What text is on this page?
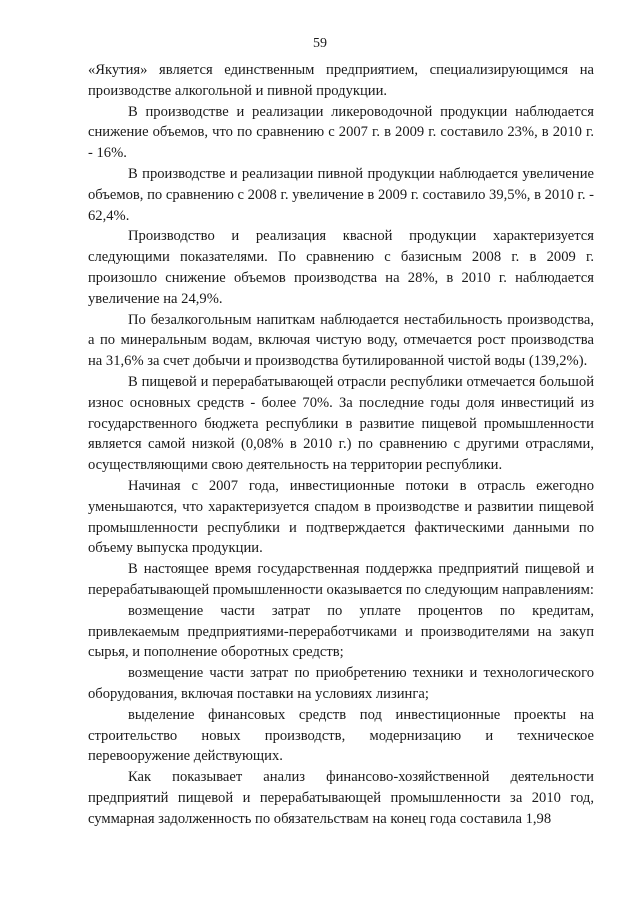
59

«Якутия» является единственным предприятием, специализирующимся на производстве алкогольной и пивной продукции.

В производстве и реализации ликероводочной продукции наблюдается снижение объемов, что по сравнению с 2007 г. в 2009 г. составило 23%, в 2010 г. - 16%.

В производстве и реализации пивной продукции наблюдается увеличение объемов, по сравнению с 2008 г. увеличение в 2009 г. составило 39,5%, в 2010 г. - 62,4%.

Производство и реализация квасной продукции характеризуется следующими показателями. По сравнению с базисным 2008 г. в 2009 г. произошло снижение объемов производства на 28%, в 2010 г. наблюдается увеличение на 24,9%.

По безалкогольным напиткам наблюдается нестабильность производства, а по минеральным водам, включая чистую воду, отмечается рост производства на 31,6% за счет добычи и производства бутилированной чистой воды (139,2%).

В пищевой и перерабатывающей отрасли республики отмечается большой износ основных средств - более 70%. За последние годы доля инвестиций из государственного бюджета республики в развитие пищевой промышленности является самой низкой (0,08% в 2010 г.) по сравнению с другими отраслями, осуществляющими свою деятельность на территории республики.

Начиная с 2007 года, инвестиционные потоки в отрасль ежегодно уменьшаются, что характеризуется спадом в производстве и развитии пищевой промышленности республики и подтверждается фактическими данными по объему выпуска продукции.

В настоящее время государственная поддержка предприятий пищевой и перерабатывающей промышленности оказывается по следующим направлениям:

возмещение части затрат по уплате процентов по кредитам, привлекаемым предприятиями-переработчиками и производителями на закуп сырья, и пополнение оборотных средств;

возмещение части затрат по приобретению техники и технологического оборудования, включая поставки на условиях лизинга;

выделение финансовых средств под инвестиционные проекты на строительство новых производств, модернизацию и техническое перевооружение действующих.

Как показывает анализ финансово-хозяйственной деятельности предприятий пищевой и перерабатывающей промышленности за 2010 год, суммарная задолженность по обязательствам на конец года составила 1,98
